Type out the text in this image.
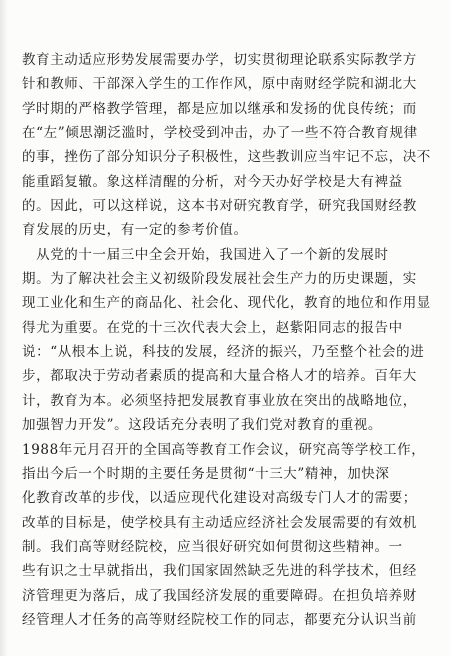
教育主动适应形势发展需要办学，切实贯彻理论联系实际教学方
针和教师、干部深入学生的工作作风，原中南财经学院和湖北大
学时期的严格教学管理，都是应加以继承和发扬的优良传统；而
在“左”倾思潮泛滥时，学校受到冲击，办了一些不符合教育规律
的事，挫伤了部分知识分子积极性，这些教训应当牢记不忘，决不
能重蹈复辙。象这样清醒的分析，对今天办好学校是大有裨益
的。因此，可以这样说，这本书对研究教育学，研究我国财经教
育发展的历史，有一定的参考价值。
　从党的十一届三中全会开始，我国进入了一个新的发展时
期。为了解决社会主义初级阶段发展社会生产力的历史课题，实
现工业化和生产的商品化、社会化、现代化，教育的地位和作用显
得尤为重要。在党的十三次代表大会上，赵紫阳同志的报告中
说：“从根本上说，科技的发展，经济的振兴，乃至整个社会的进
步，都取决于劳动者素质的提高和大量合格人才的培养。百年大
计，教育为本。必须坚持把发展教育事业放在突出的战略地位，
加强智力开发”。这段话充分表明了我们党对教育的重视。
1988年元月召开的全国高等教育工作会议，研究高等学校工作，
指出今后一个时期的主要任务是贯彻“十三大”精神，加快深
化教育改革的步伐，以适应现代化建设对高级专门人才的需要；
改革的目标是，使学校具有主动适应经济社会发展需要的有效机
制。我们高等财经院校，应当很好研究如何贯彻这些精神。一
些有识之士早就指出，我们国家固然缺乏先进的科学技术，但经
济管理更为落后，成了我国经济发展的重要障碍。在担负培养财
经管理人才任务的高等财经院校工作的同志，都要充分认识当前
